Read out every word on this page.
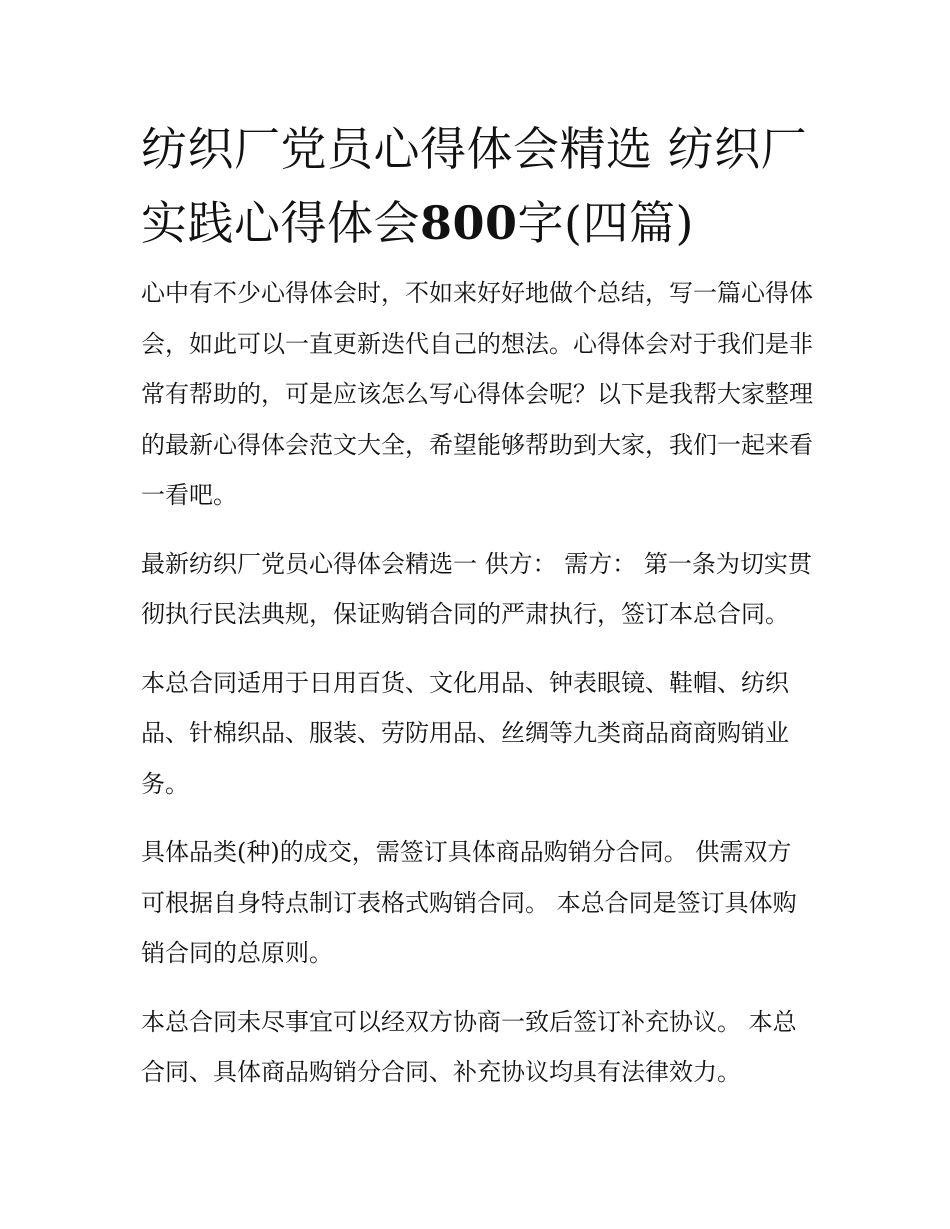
纺织厂党员心得体会精选 纺织厂实践心得体会800字(四篇)

心中有不少心得体会时，不如来好好地做个总结，写一篇心得体会，如此可以一直更新迭代自己的想法。心得体会对于我们是非常有帮助的，可是应该怎么写心得体会呢？以下是我帮大家整理的最新心得体会范文大全，希望能够帮助到大家，我们一起来看一看吧。

最新纺织厂党员心得体会精选一 供方： 需方： 第一条为切实贯彻执行民法典规，保证购销合同的严肃执行，签订本总合同。

本总合同适用于日用百货、文化用品、钟表眼镜、鞋帽、纺织品、针棉织品、服装、劳防用品、丝绸等九类商品商商购销业务。

具体品类(种)的成交，需签订具体商品购销分合同。 供需双方可根据自身特点制订表格式购销合同。 本总合同是签订具体购销合同的总原则。

本总合同未尽事宜可以经双方协商一致后签订补充协议。 本总合同、具体商品购销分合同、补充协议均具有法律效力。
